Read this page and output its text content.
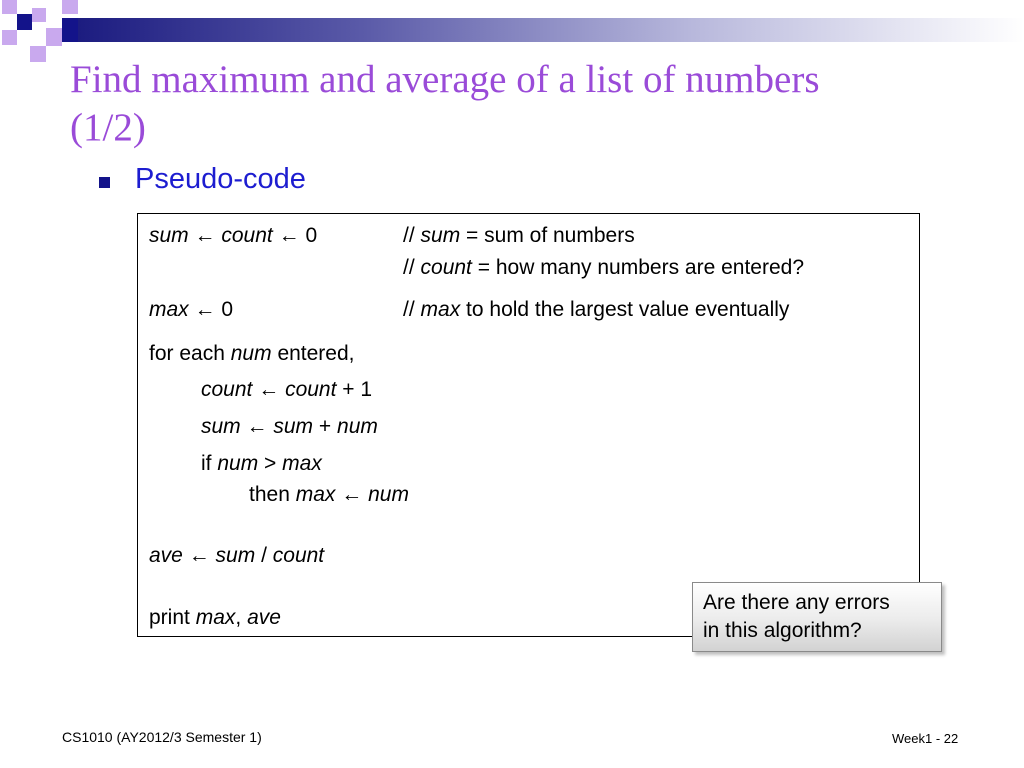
Find maximum and average of a list of numbers
(1/2)
Pseudo-code
sum ← count ← 0	// sum = sum of numbers
// count = how many numbers are entered?
max ← 0	// max to hold the largest value eventually
for each num entered,
count ← count + 1
sum ← sum + num
if num > max
then max ← num
ave ← sum / count
print max, ave
Are there any errors
in this algorithm?
CS1010 (AY2012/3 Semester 1)	Week1 - 22
